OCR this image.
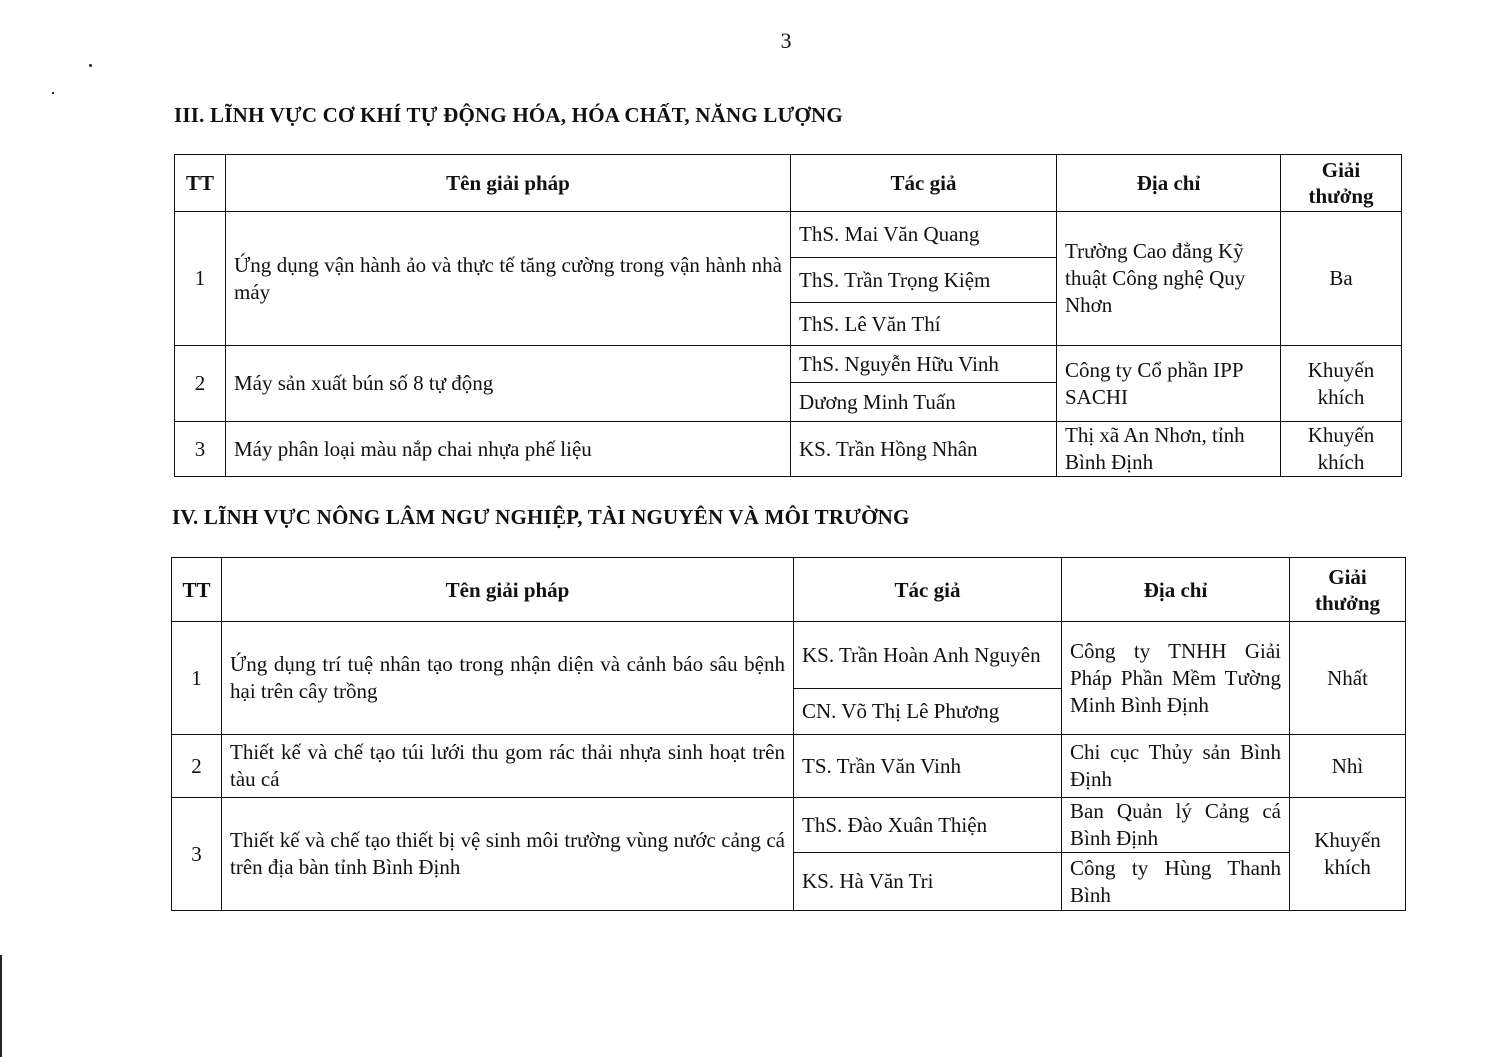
3
III. LĨNH VỰC CƠ KHÍ TỰ ĐỘNG HÓA, HÓA CHẤT, NĂNG LƯỢNG
TT	Tên giải pháp	Tác giả	Địa chỉ	Giải thưởng
1	Ứng dụng vận hành ảo và thực tế tăng cường trong vận hành nhà máy	ThS. Mai Văn Quang	Trường Cao đẳng Kỹ thuật Công nghệ Quy Nhơn	Ba
		ThS. Trần Trọng Kiệm		
		ThS. Lê Văn Thí		
2	Máy sản xuất bún số 8 tự động	ThS. Nguyễn Hữu Vinh	Công ty Cổ phần IPP SACHI	Khuyến khích
		Dương Minh Tuấn		
3	Máy phân loại màu nắp chai nhựa phế liệu	KS. Trần Hồng Nhân	Thị xã An Nhơn, tỉnh Bình Định	Khuyến khích
IV. LĨNH VỰC NÔNG LÂM NGƯ NGHIỆP, TÀI NGUYÊN VÀ MÔI TRƯỜNG
TT	Tên giải pháp	Tác giả	Địa chỉ	Giải thưởng
1	Ứng dụng trí tuệ nhân tạo trong nhận diện và cảnh báo sâu bệnh hại trên cây trồng	KS. Trần Hoàn Anh Nguyên	Công ty TNHH Giải Pháp Phần Mềm Tường Minh Bình Định	Nhất
		CN. Võ Thị Lê Phương		
2	Thiết kế và chế tạo túi lưới thu gom rác thải nhựa sinh hoạt trên tàu cá	TS. Trần Văn Vinh	Chi cục Thủy sản Bình Định	Nhì
3	Thiết kế và chế tạo thiết bị vệ sinh môi trường vùng nước cảng cá trên địa bàn tỉnh Bình Định	ThS. Đào Xuân Thiện	Ban Quản lý Cảng cá Bình Định	Khuyến khích
		KS. Hà Văn Tri	Công ty Hùng Thanh Bình	
